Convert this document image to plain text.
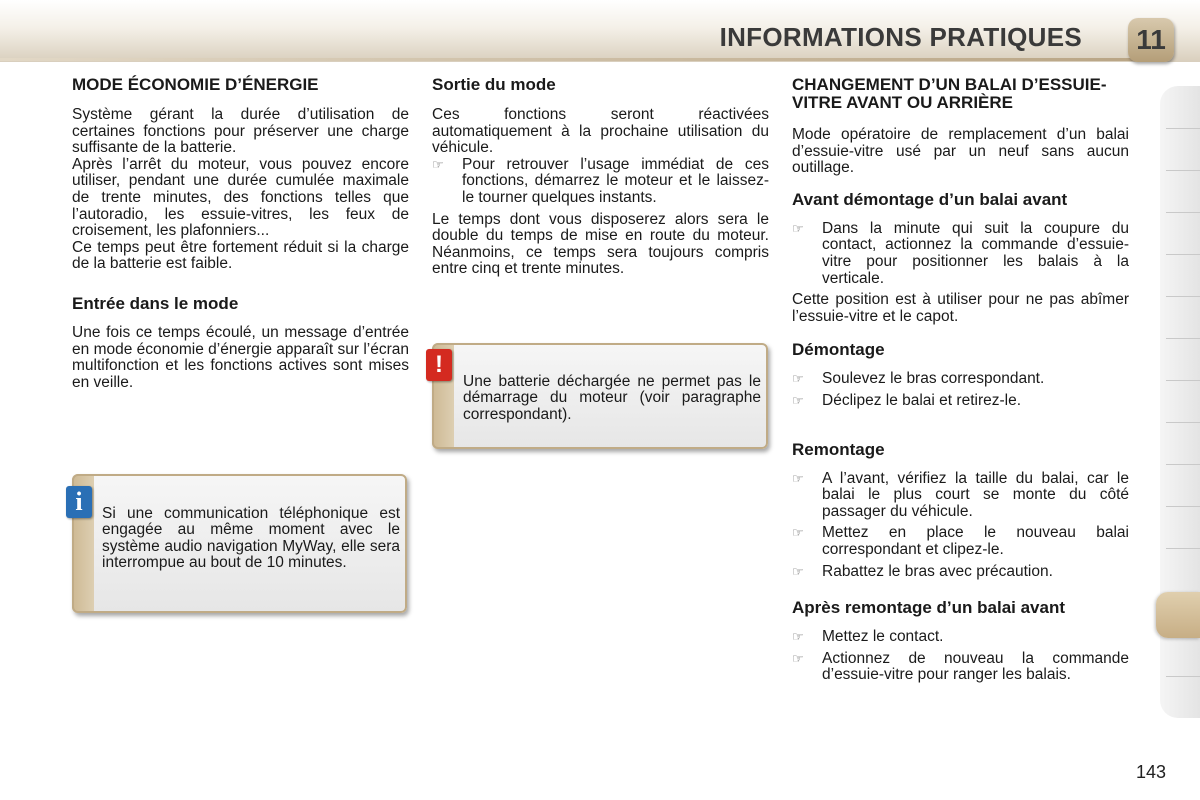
INFORMATIONS PRATIQUES 11
MODE ÉCONOMIE D’ÉNERGIE

Système gérant la durée d’utilisation de certaines fonctions pour préserver une charge suffisante de la batterie.

Après l’arrêt du moteur, vous pouvez encore utiliser, pendant une durée cumulée maximale de trente minutes, des fonctions telles que l’autoradio, les essuie-vitres, les feux de croisement, les plafonniers...

Ce temps peut être fortement réduit si la charge de la batterie est faible.

Entrée dans le mode

Une fois ce temps écoulé, un message d’entrée en mode économie d’énergie apparaît sur l’écran multifonction et les fonctions actives sont mises en veille.

i	Si une communication téléphonique est engagée au même moment avec le système audio navigation MyWay, elle sera interrompue au bout de 10 minutes.
Sortie du mode

Ces fonctions seront réactivées automatiquement à la prochaine utilisation du véhicule.

☞ Pour retrouver l’usage immédiat de ces fonctions, démarrez le moteur et le laissez-le tourner quelques instants.

Le temps dont vous disposerez alors sera le double du temps de mise en route du moteur. Néanmoins, ce temps sera toujours compris entre cinq et trente minutes.

!
Une batterie déchargée ne permet pas le démarrage du moteur (voir paragraphe correspondant).
CHANGEMENT D’UN BALAI D’ESSUIE-VITRE AVANT OU ARRIÈRE

Mode opératoire de remplacement d’un balai d’essuie-vitre usé par un neuf sans aucun outillage.

Avant démontage d’un balai avant
☞ Dans la minute qui suit la coupure du contact, actionnez la commande d’essuie-vitre pour positionner les balais à la verticale.

Cette position est à utiliser pour ne pas abîmer l’essuie-vitre et le capot.

Démontage
☞ Soulevez le bras correspondant.
☞ Déclipez le balai et retirez-le.
Remontage
☞ A l’avant, vérifiez la taille du balai, car le balai le plus court se monte du côté passager du véhicule.
☞ Mettez en place le nouveau balai correspondant et clipez-le.
☞ Rabattez le bras avec précaution.
Après remontage d’un balai avant
☞ Mettez le contact.
☞ Actionnez de nouveau la commande d’essuie-vitre pour ranger les balais.
143
